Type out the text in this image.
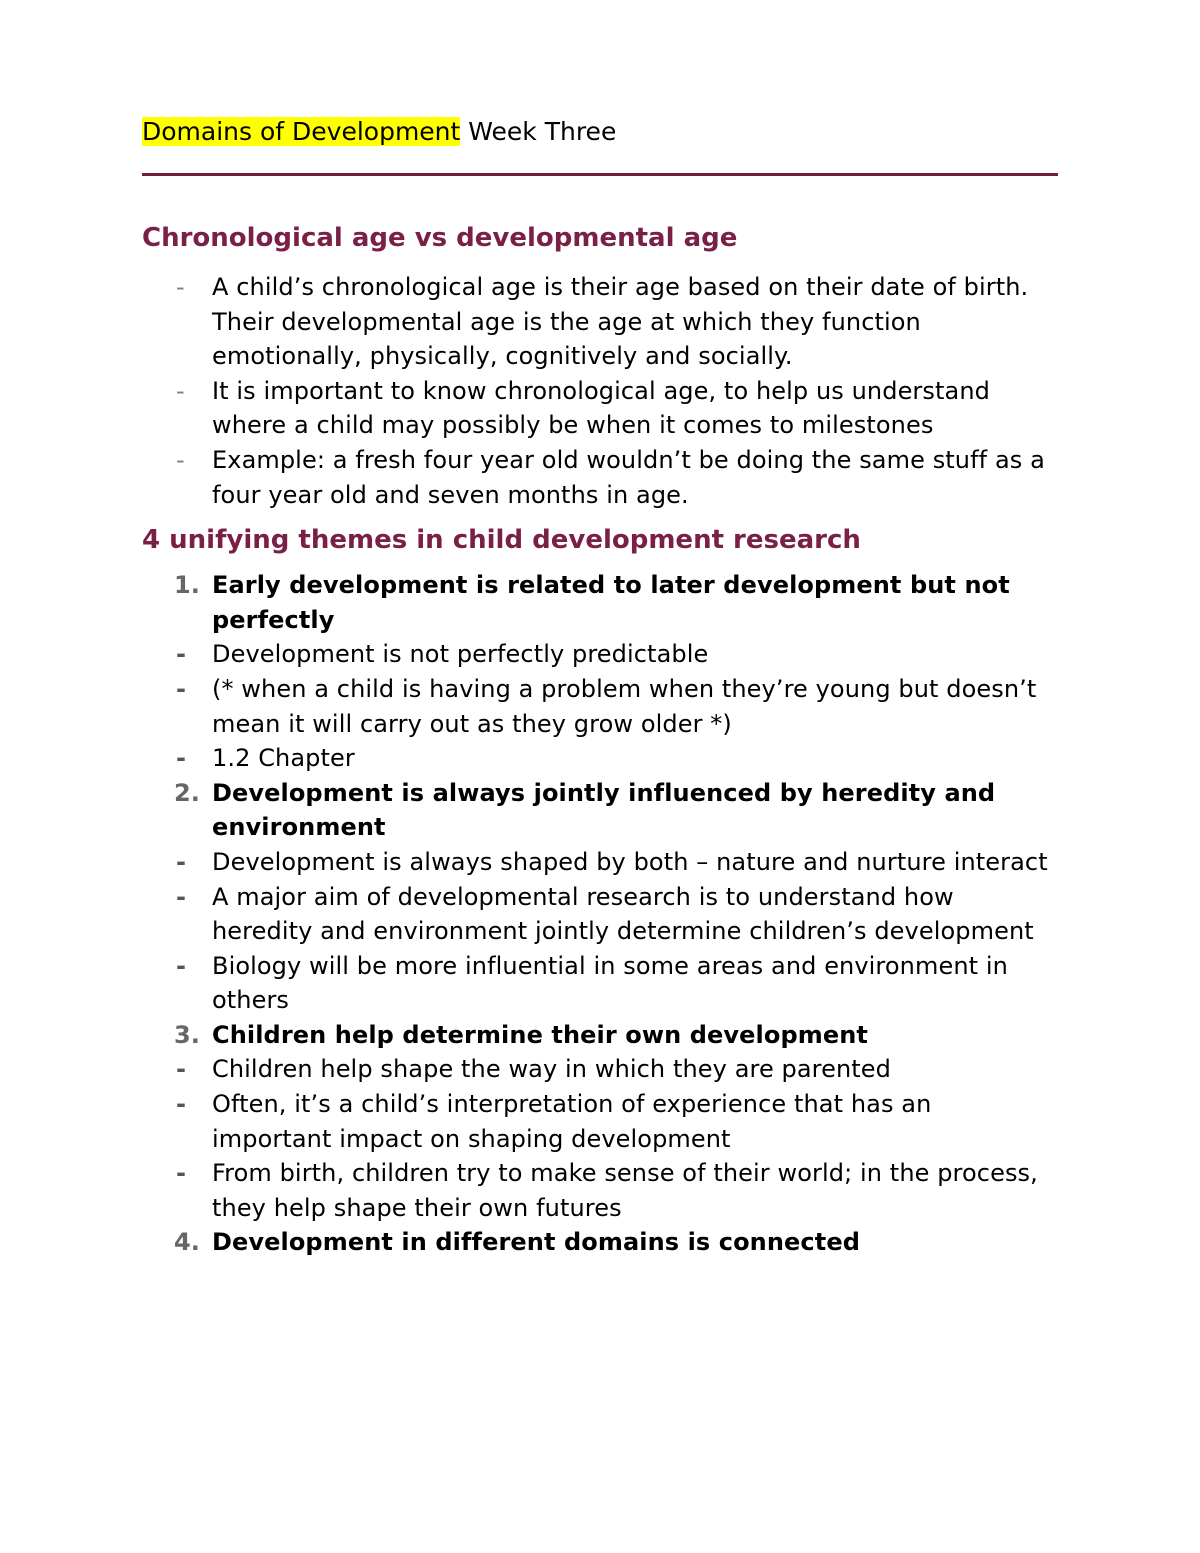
Domains of Development Week Three

Chronological age vs developmental age
- A child’s chronological age is their age based on their date of birth. Their developmental age is the age at which they function emotionally, physically, cognitively and socially.
- It is important to know chronological age, to help us understand where a child may possibly be when it comes to milestones
- Example: a fresh four year old wouldn’t be doing the same stuff as a four year old and seven months in age.
4 unifying themes in child development research
1. Early development is related to later development but not perfectly
- Development is not perfectly predictable
- (* when a child is having a problem when they’re young but doesn’t mean it will carry out as they grow older *)
- 1.2 Chapter
2. Development is always jointly influenced by heredity and environment
- Development is always shaped by both – nature and nurture interact
- A major aim of developmental research is to understand how heredity and environment jointly determine children’s development
- Biology will be more influential in some areas and environment in others
3. Children help determine their own development
- Children help shape the way in which they are parented
- Often, it’s a child’s interpretation of experience that has an important impact on shaping development
- From birth, children try to make sense of their world; in the process, they help shape their own futures
4. Development in different domains is connected
